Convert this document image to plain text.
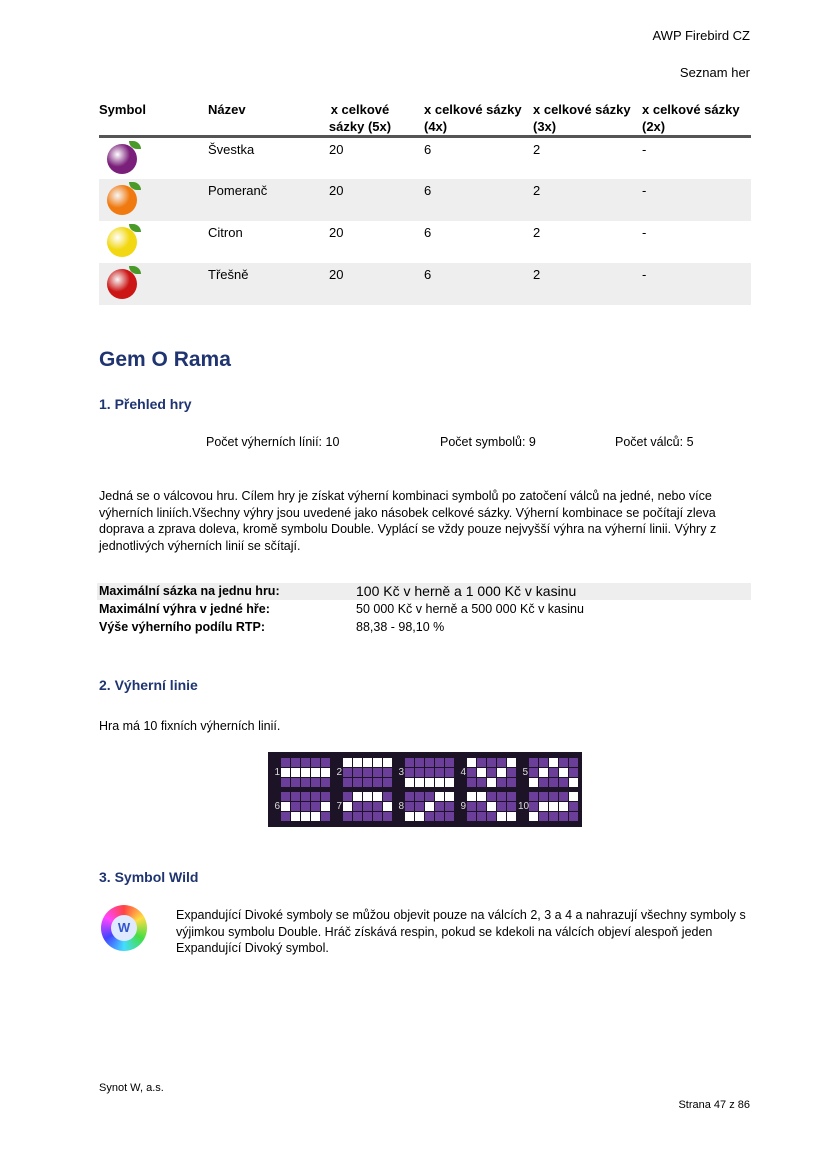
AWP Firebird CZ
Seznam her
Symbol	Název	x celkové sázky (5x)	x celkové sázky (4x)	x celkové sázky (3x)	x celkové sázky (2x)

	Švestka	20	6	2	-

	Pomeranč	20	6	2	-

	Citron	20	6	2	-

	Třešně	20	6	2	-
Gem O Rama
1. Přehled hry
Počet výherních línií: 10	Počet symbolů: 9	Počet válců: 5
Jedná se o válcovou hru. Cílem hry je získat výherní kombinaci symbolů po zatočení válců na jedné, nebo více výherních liniích.Všechny výhry jsou uvedené jako násobek celkové sázky. Výherní kombinace se počítají zleva doprava a zprava doleva, kromě symbolu Double. Vyplácí se vždy pouze nejvyšší výhra na výherní linii. Výhry z jednotlivých výherních linií se sčítají.
Maximální sázka na jednu hru:	100 Kč v herně a 1 000 Kč v kasinu
Maximální výhra v jedné hře:	50 000 Kč v herně a 500 000 Kč v kasinu
Výše výherního podílu RTP:	88,38 - 98,10 %
2. Výherní linie
Hra má 10 fixních výherních linií.
1	2	3	4	5
6	7	8	9	10
3. Symbol Wild
W
Expandující Divoké symboly se můžou objevit pouze na válcích 2, 3 a 4 a nahrazují všechny symboly s výjimkou symbolu Double. Hráč získává respin, pokud se kdekoli na válcích objeví alespoň jeden Expandující Divoký symbol.
Synot W, a.s.
Strana 47 z 86
